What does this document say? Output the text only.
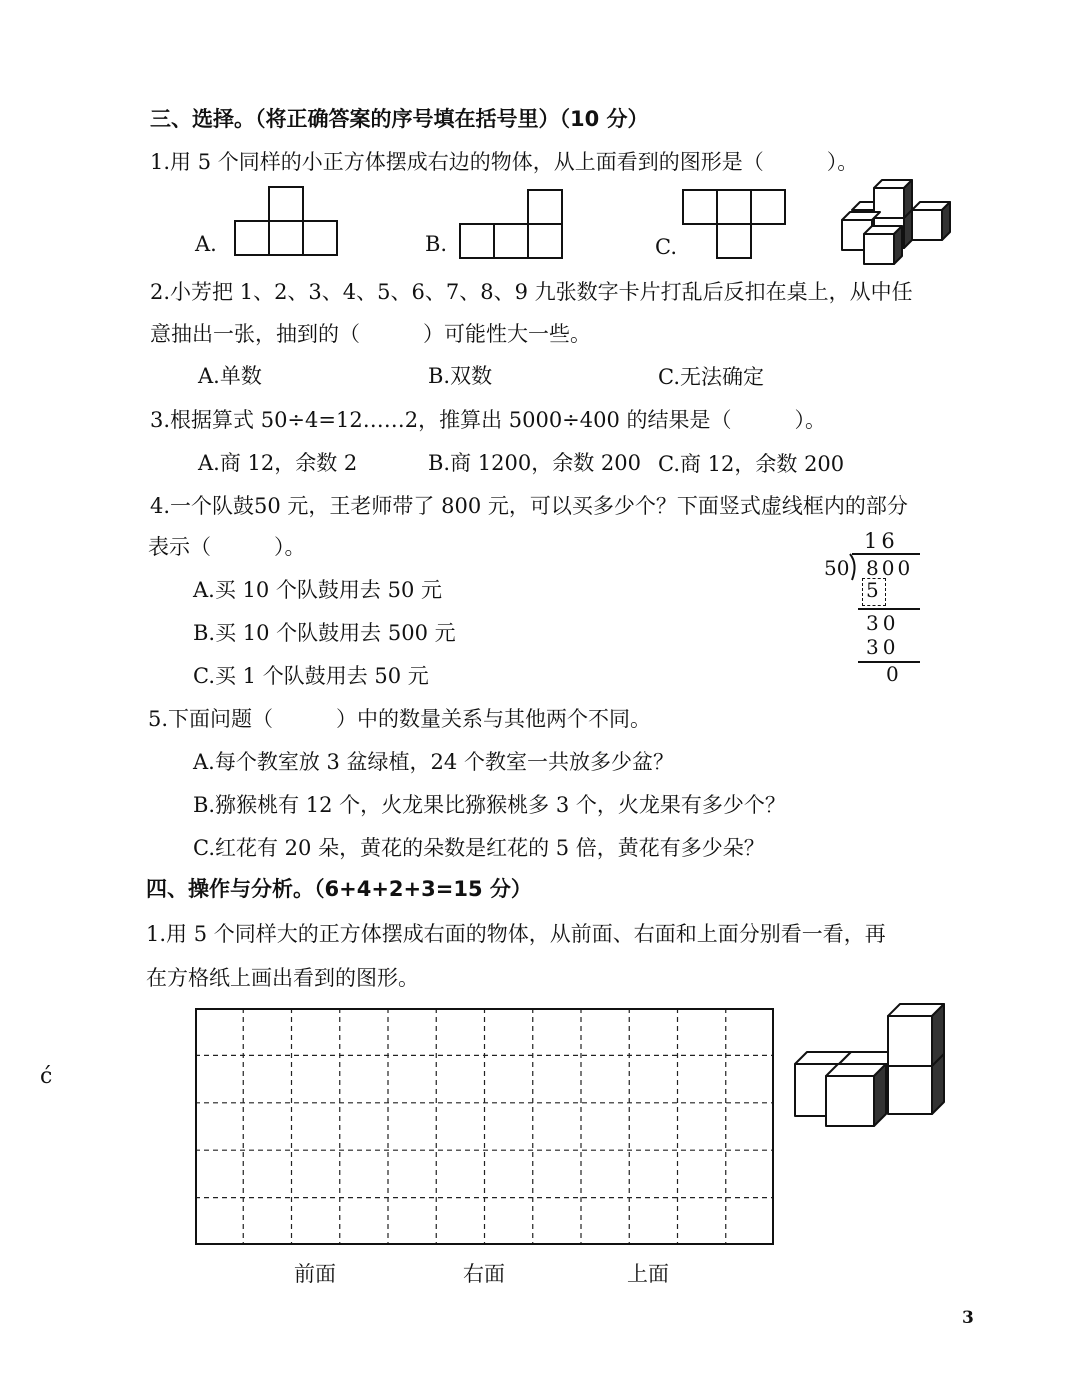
三、选择。（将正确答案的序号填在括号里）（10 分）
1.用 5 个同样的小正方体摆成右边的物体，从上面看到的图形是（　　　）。
A.	B.	C.
2.小芳把 1、2、3、4、5、6、7、8、9 九张数字卡片打乱后反扣在桌上，从中任
意抽出一张，抽到的（　　　）可能性大一些。
A.单数	B.双数	C.无法确定
3.根据算式 50÷4=12……2，推算出 5000÷400 的结果是（　　　）。
A.商 12，余数 2	B.商 1200，余数 200 C.商 12，余数 200
4.一个队鼓50 元，王老师带了 800 元，可以买多少个？下面竖式虚线框内的部分
表示（　　　）。
A.买 10 个队鼓用去 50 元
B.买 10 个队鼓用去 500 元
C.买 1 个队鼓用去 50 元
16
50 800
5
30
30
0
5.下面问题（　　　）中的数量关系与其他两个不同。
A.每个教室放 3 盆绿植，24 个教室一共放多少盆？
B.猕猴桃有 12 个，火龙果比猕猴桃多 3 个，火龙果有多少个？
C.红花有 20 朵，黄花的朵数是红花的 5 倍，黄花有多少朵？
四、操作与分析。（6+4+2+3=15 分）
1.用 5 个同样大的正方体摆成右面的物体，从前面、右面和上面分别看一看，再
在方格纸上画出看到的图形。
前面	右面	上面
ć
3
